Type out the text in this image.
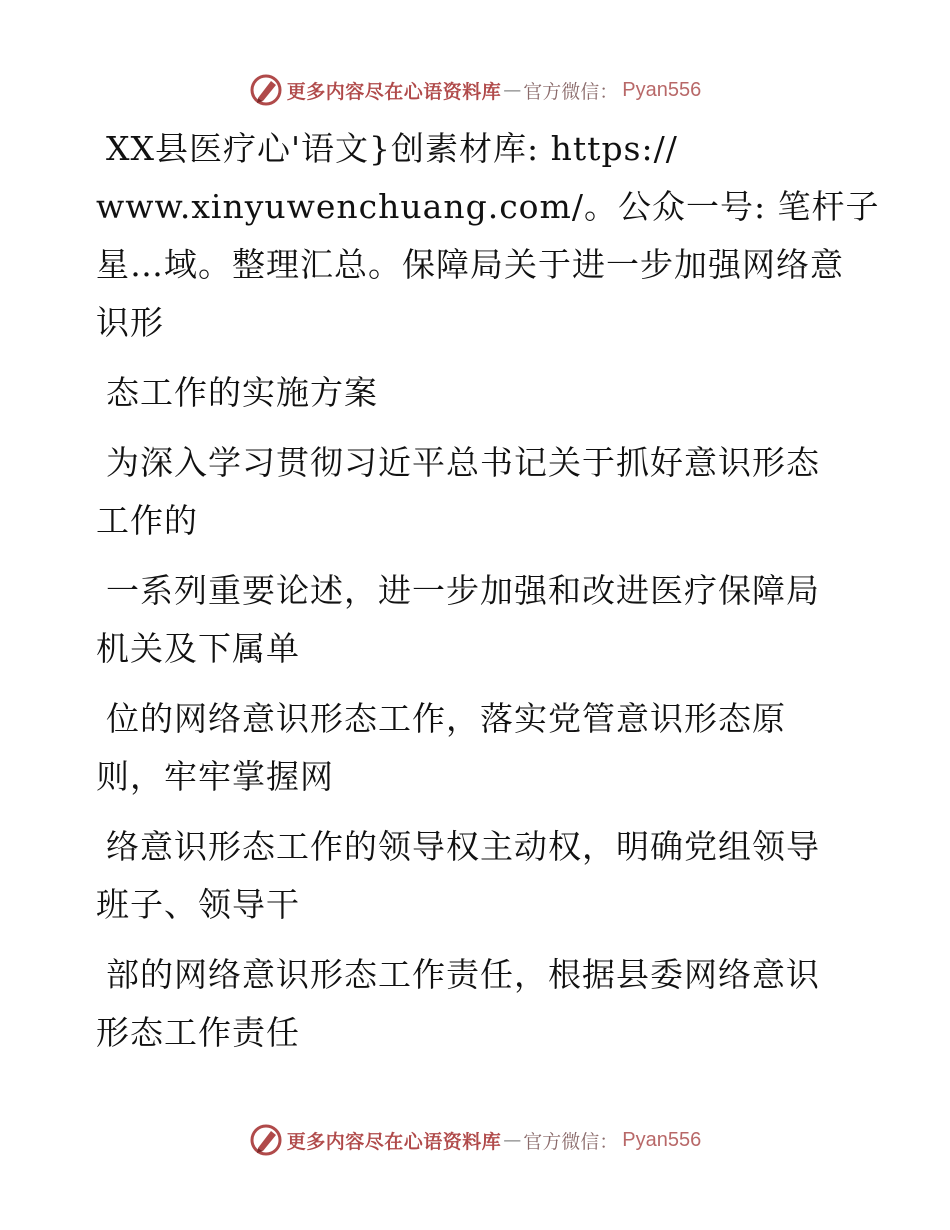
更多内容尽在心语资料库 — 官方微信： Pyan556
XX县医疗心'语文}创素材库: https://
www.xinyuwenchuang.com/。公众一号: 笔杆子
星…域。整理汇总。保障局关于进一步加强网络意
识形
态工作的实施方案
为深入学习贯彻习近平总书记关于抓好意识形态
工作的
一系列重要论述，进一步加强和改进医疗保障局
机关及下属单
位的网络意识形态工作，落实党管意识形态原
则，牢牢掌握网
络意识形态工作的领导权主动权，明确党组领导
班子、领导干
部的网络意识形态工作责任，根据县委网络意识
形态工作责任
更多内容尽在心语资料库 — 官方微信： Pyan556
